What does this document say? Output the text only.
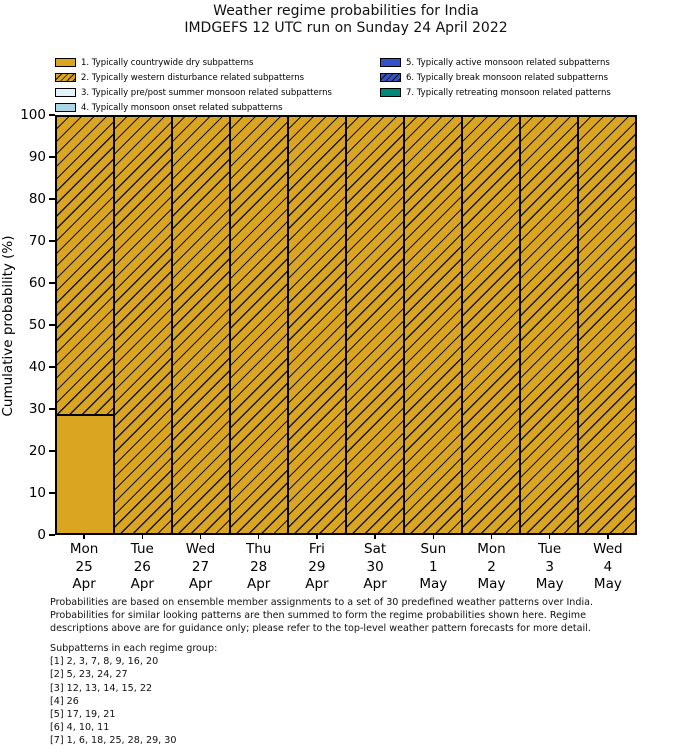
Weather regime probabilities for India
IMDGEFS 12 UTC run on Sunday 24 April 2022
1. Typically countrywide dry subpatterns
2. Typically western disturbance related subpatterns
3. Typically pre/post summer monsoon related subpatterns
4. Typically monsoon onset related subpatterns
5. Typically active monsoon related subpatterns
6. Typically break monsoon related subpatterns
7. Typically retreating monsoon related patterns
Cumulative probability (%)
0
10
20
30
40
50
60
70
80
90
100
Mon
25
Apr
Tue
26
Apr
Wed
27
Apr
Thu
28
Apr
Fri
29
Apr
Sat
30
Apr
Sun
1
May
Mon
2
May
Tue
3
May
Wed
4
May
Probabilities are based on ensemble member assignments to a set of 30 predefined weather patterns over India.
Probabilities for similar looking patterns are then summed to form the regime probabilities shown here. Regime
descriptions above are for guidance only; please refer to the top-level weather pattern forecasts for more detail.
Subpatterns in each regime group:
[1] 2, 3, 7, 8, 9, 16, 20
[2] 5, 23, 24, 27
[3] 12, 13, 14, 15, 22
[4] 26
[5] 17, 19, 21
[6] 4, 10, 11
[7] 1, 6, 18, 25, 28, 29, 30
